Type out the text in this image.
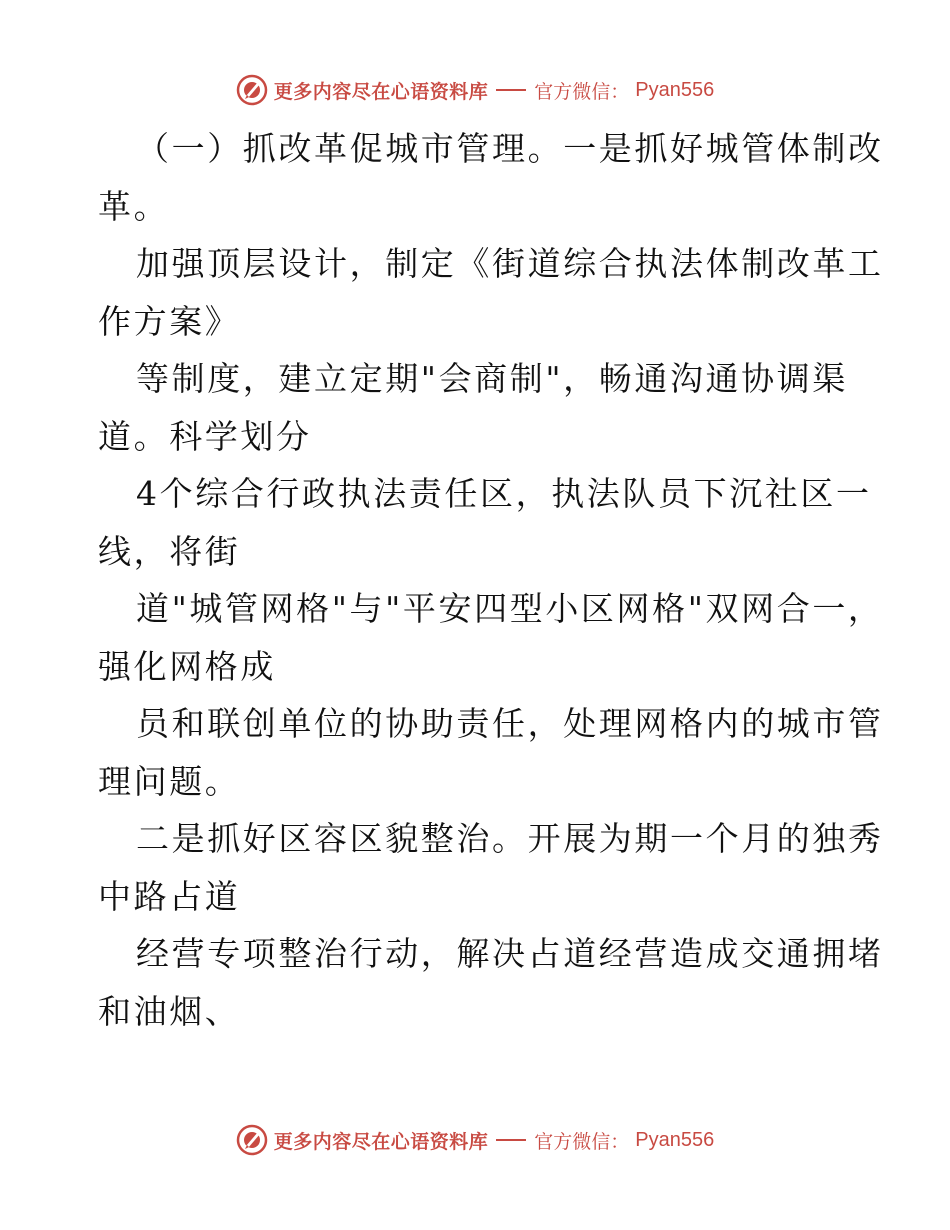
更多内容尽在心语资料库 官方微信： Pyan556
（一）抓改革促城市管理。一是抓好城管体制改
革。
加强顶层设计，制定《街道综合执法体制改革工
作方案》
等制度，建立定期"会商制"，畅通沟通协调渠
道。科学划分
4个综合行政执法责任区，执法队员下沉社区一
线，将街
道"城管网格"与"平安四型小区网格"双网合一，
强化网格成
员和联创单位的协助责任，处理网格内的城市管
理问题。
二是抓好区容区貌整治。开展为期一个月的独秀
中路占道
经营专项整治行动，解决占道经营造成交通拥堵
和油烟、
更多内容尽在心语资料库 官方微信： Pyan556
